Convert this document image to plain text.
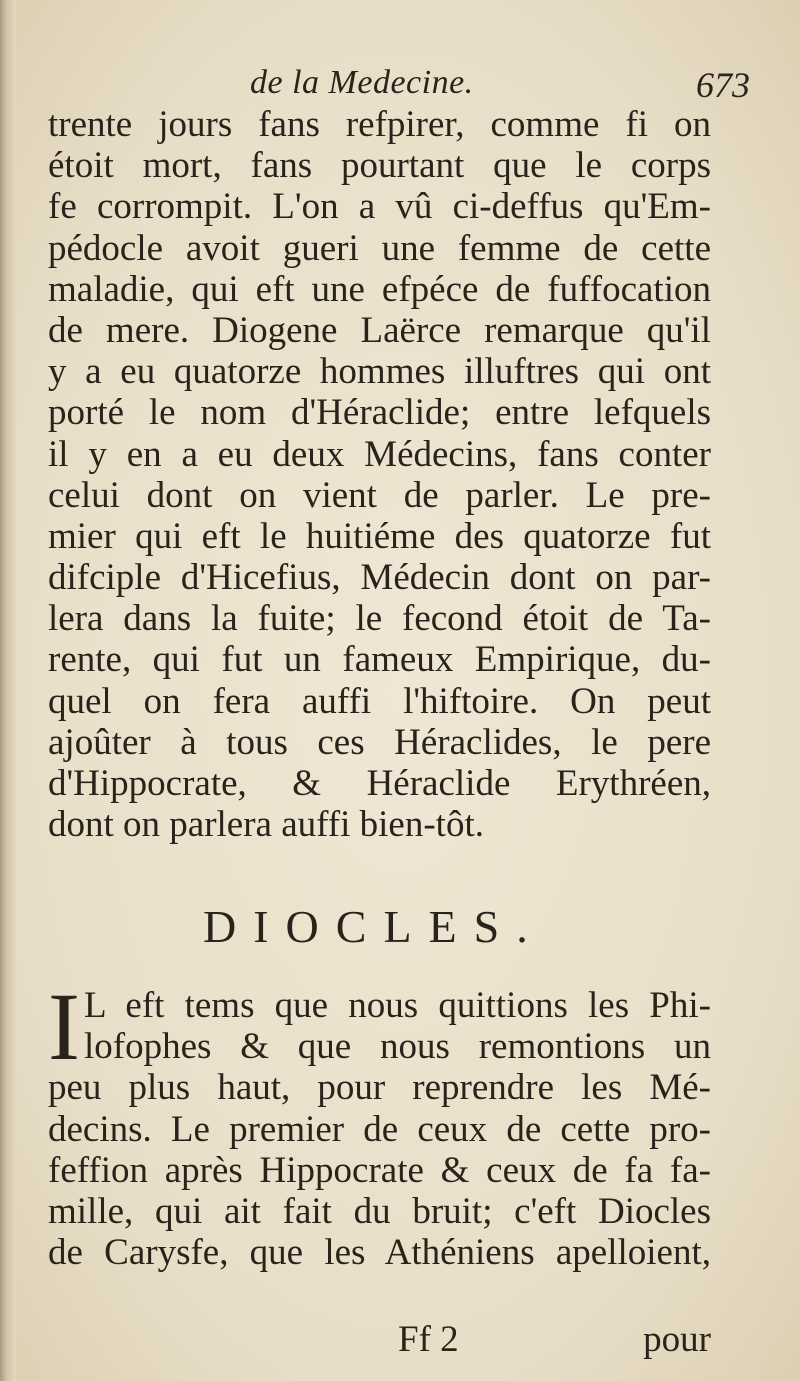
de la Medecine.	673
trente jours fans refpirer, comme fi on
étoit mort, fans pourtant que le corps
fe corrompit. L'on a vû ci-deffus qu'Em-
pédocle avoit gueri une femme de cette
maladie, qui eft une efpéce de fuffocation
de mere. Diogene Laërce remarque qu'il
y a eu quatorze hommes illuftres qui ont
porté le nom d'Héraclide; entre lefquels
il y en a eu deux Médecins, fans conter
celui dont on vient de parler. Le pre-
mier qui eft le huitiéme des quatorze fut
difciple d'Hicefius, Médecin dont on par-
lera dans la fuite; le fecond étoit de Ta-
rente, qui fut un fameux Empirique, du-
quel on fera auffi l'hiftoire. On peut
ajoûter à tous ces Héraclides, le pere
d'Hippocrate, & Héraclide Erythréen,
dont on parlera auffi bien-tôt.
DIOCLES.
I L eft tems que nous quittions les Phi-
lofophes & que nous remontions un
peu plus haut, pour reprendre les Mé-
decins. Le premier de ceux de cette pro-
feffion après Hippocrate & ceux de fa fa-
mille, qui ait fait du bruit; c'eft Diocles
de Carysfe, que les Athéniens apelloient,
Ff 2	pour
